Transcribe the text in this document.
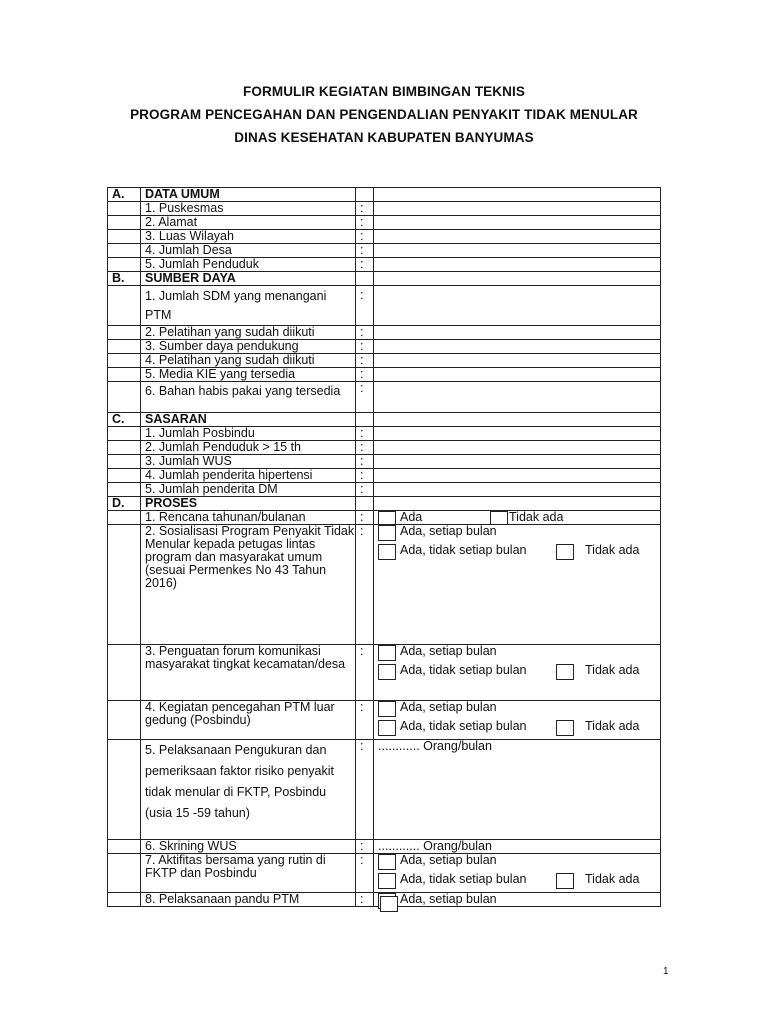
FORMULIR KEGIATAN BIMBINGAN TEKNIS
PROGRAM PENCEGAHAN DAN PENGENDALIAN PENYAKIT TIDAK MENULAR
DINAS KESEHATAN KABUPATEN BANYUMAS
A.	DATA UMUM		
	1. Puskesmas	:	
	2. Alamat	:	
	3. Luas Wilayah	:	
	4. Jumlah Desa	:	
	5. Jumlah Penduduk	:	
B.	SUMBER DAYA		
	1. Jumlah SDM yang menangani PTM	:	
	2. Pelatihan yang sudah diikuti	:	
	3. Sumber daya pendukung	:	
	4. Pelatihan yang sudah diikuti	:	
	5. Media KIE yang tersedia	:	
	6. Bahan habis pakai yang tersedia	:	
C.	SASARAN		
	1. Jumlah Posbindu	:	
	2. Jumlah Penduduk > 15 th	:	
	3. Jumlah WUS	:	
	4. Jumlah penderita hipertensi	:	
	5. Jumlah penderita DM	:	
D.	PROSES		
	1. Rencana tahunan/bulanan	:	Ada Tidak ada

	2. Sosialisasi Program Penyakit Tidak Menular kepada petugas lintas program dan masyarakat umum (sesuai Permenkes No 43 Tahun 2016)	:	Ada, setiap bulan
Ada, tidak setiap bulan Tidak ada

	3. Penguatan forum komunikasi masyarakat tingkat kecamatan/desa	:	Ada, setiap bulan
Ada, tidak setiap bulan Tidak ada

	4. Kegiatan pencegahan PTM luar gedung (Posbindu)	:	Ada, setiap bulan
Ada, tidak setiap bulan Tidak ada

	5. Pelaksanaan Pengukuran dan pemeriksaan faktor risiko penyakit tidak menular di FKTP, Posbindu (usia 15 -59 tahun)	:	............ Orang/bulan
	6. Skrining WUS	:	............ Orang/bulan
	7. Aktifitas bersama yang rutin di FKTP dan Posbindu	:	Ada, setiap bulan
Ada, tidak setiap bulan Tidak ada

	8. Pelaksanaan pandu PTM	:	Ada, setiap bulan
1
